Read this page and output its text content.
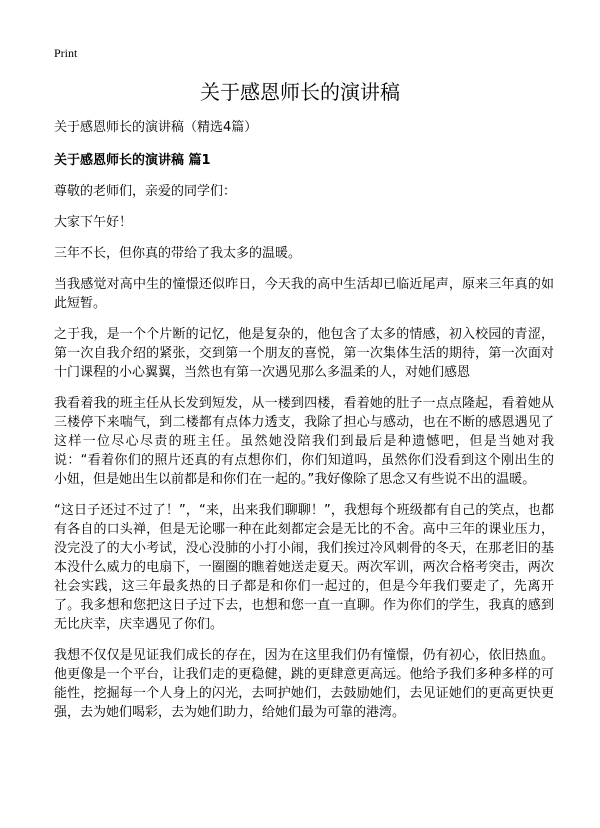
Print
关于感恩师长的演讲稿

关于感恩师长的演讲稿（精选4篇）

关于感恩师长的演讲稿 篇1

尊敬的老师们，亲爱的同学们：

大家下午好！

三年不长，但你真的带给了我太多的温暖。

当我感觉对高中生的憧憬还似昨日，今天我的高中生活却已临近尾声，原来三年真的如此短暂。

之于我，是一个个片断的记忆，他是复杂的，他包含了太多的情感，初入校园的青涩，第一次自我介绍的紧张，交到第一个朋友的喜悦，第一次集体生活的期待，第一次面对十门课程的小心翼翼，当然也有第一次遇见那么多温柔的人，对她们感恩

我看着我的班主任从长发到短发，从一楼到四楼，看着她的肚子一点点隆起，看着她从三楼停下来喘气，到二楼都有点体力透支，我除了担心与感动，也在不断的感恩遇见了这样一位尽心尽责的班主任。虽然她没陪我们到最后是种遗憾吧，但是当她对我说：“看着你们的照片还真的有点想你们，你们知道吗，虽然你们没看到这个刚出生的小妞，但是她出生以前都是和你们在一起的。”我好像除了思念又有些说不出的温暖。

“这日子还过不过了！”，“来，出来我们聊聊！”，我想每个班级都有自己的笑点，也都有各自的口头禅，但是无论哪一种在此刻都定会是无比的不舍。高中三年的课业压力，没完没了的大小考试，没心没肺的小打小闹，我们挨过冷风刺骨的冬天，在那老旧的基本没什么威力的电扇下，一圈圈的瞧着她送走夏天。两次军训，两次合格考突击，两次社会实践，这三年最炙热的日子都是和你们一起过的，但是今年我们要走了，先离开了。我多想和您把这日子过下去，也想和您一直一直聊。作为你们的学生，我真的感到无比庆幸，庆幸遇见了你们。

我想不仅仅是见证我们成长的存在，因为在这里我们仍有憧憬，仍有初心，依旧热血。他更像是一个平台，让我们走的更稳健，跳的更肆意更高远。他给予我们多种多样的可能性，挖掘每一个人身上的闪光，去呵护她们，去鼓励她们，去见证她们的更高更快更强，去为她们喝彩，去为她们助力，给她们最为可靠的港湾。
